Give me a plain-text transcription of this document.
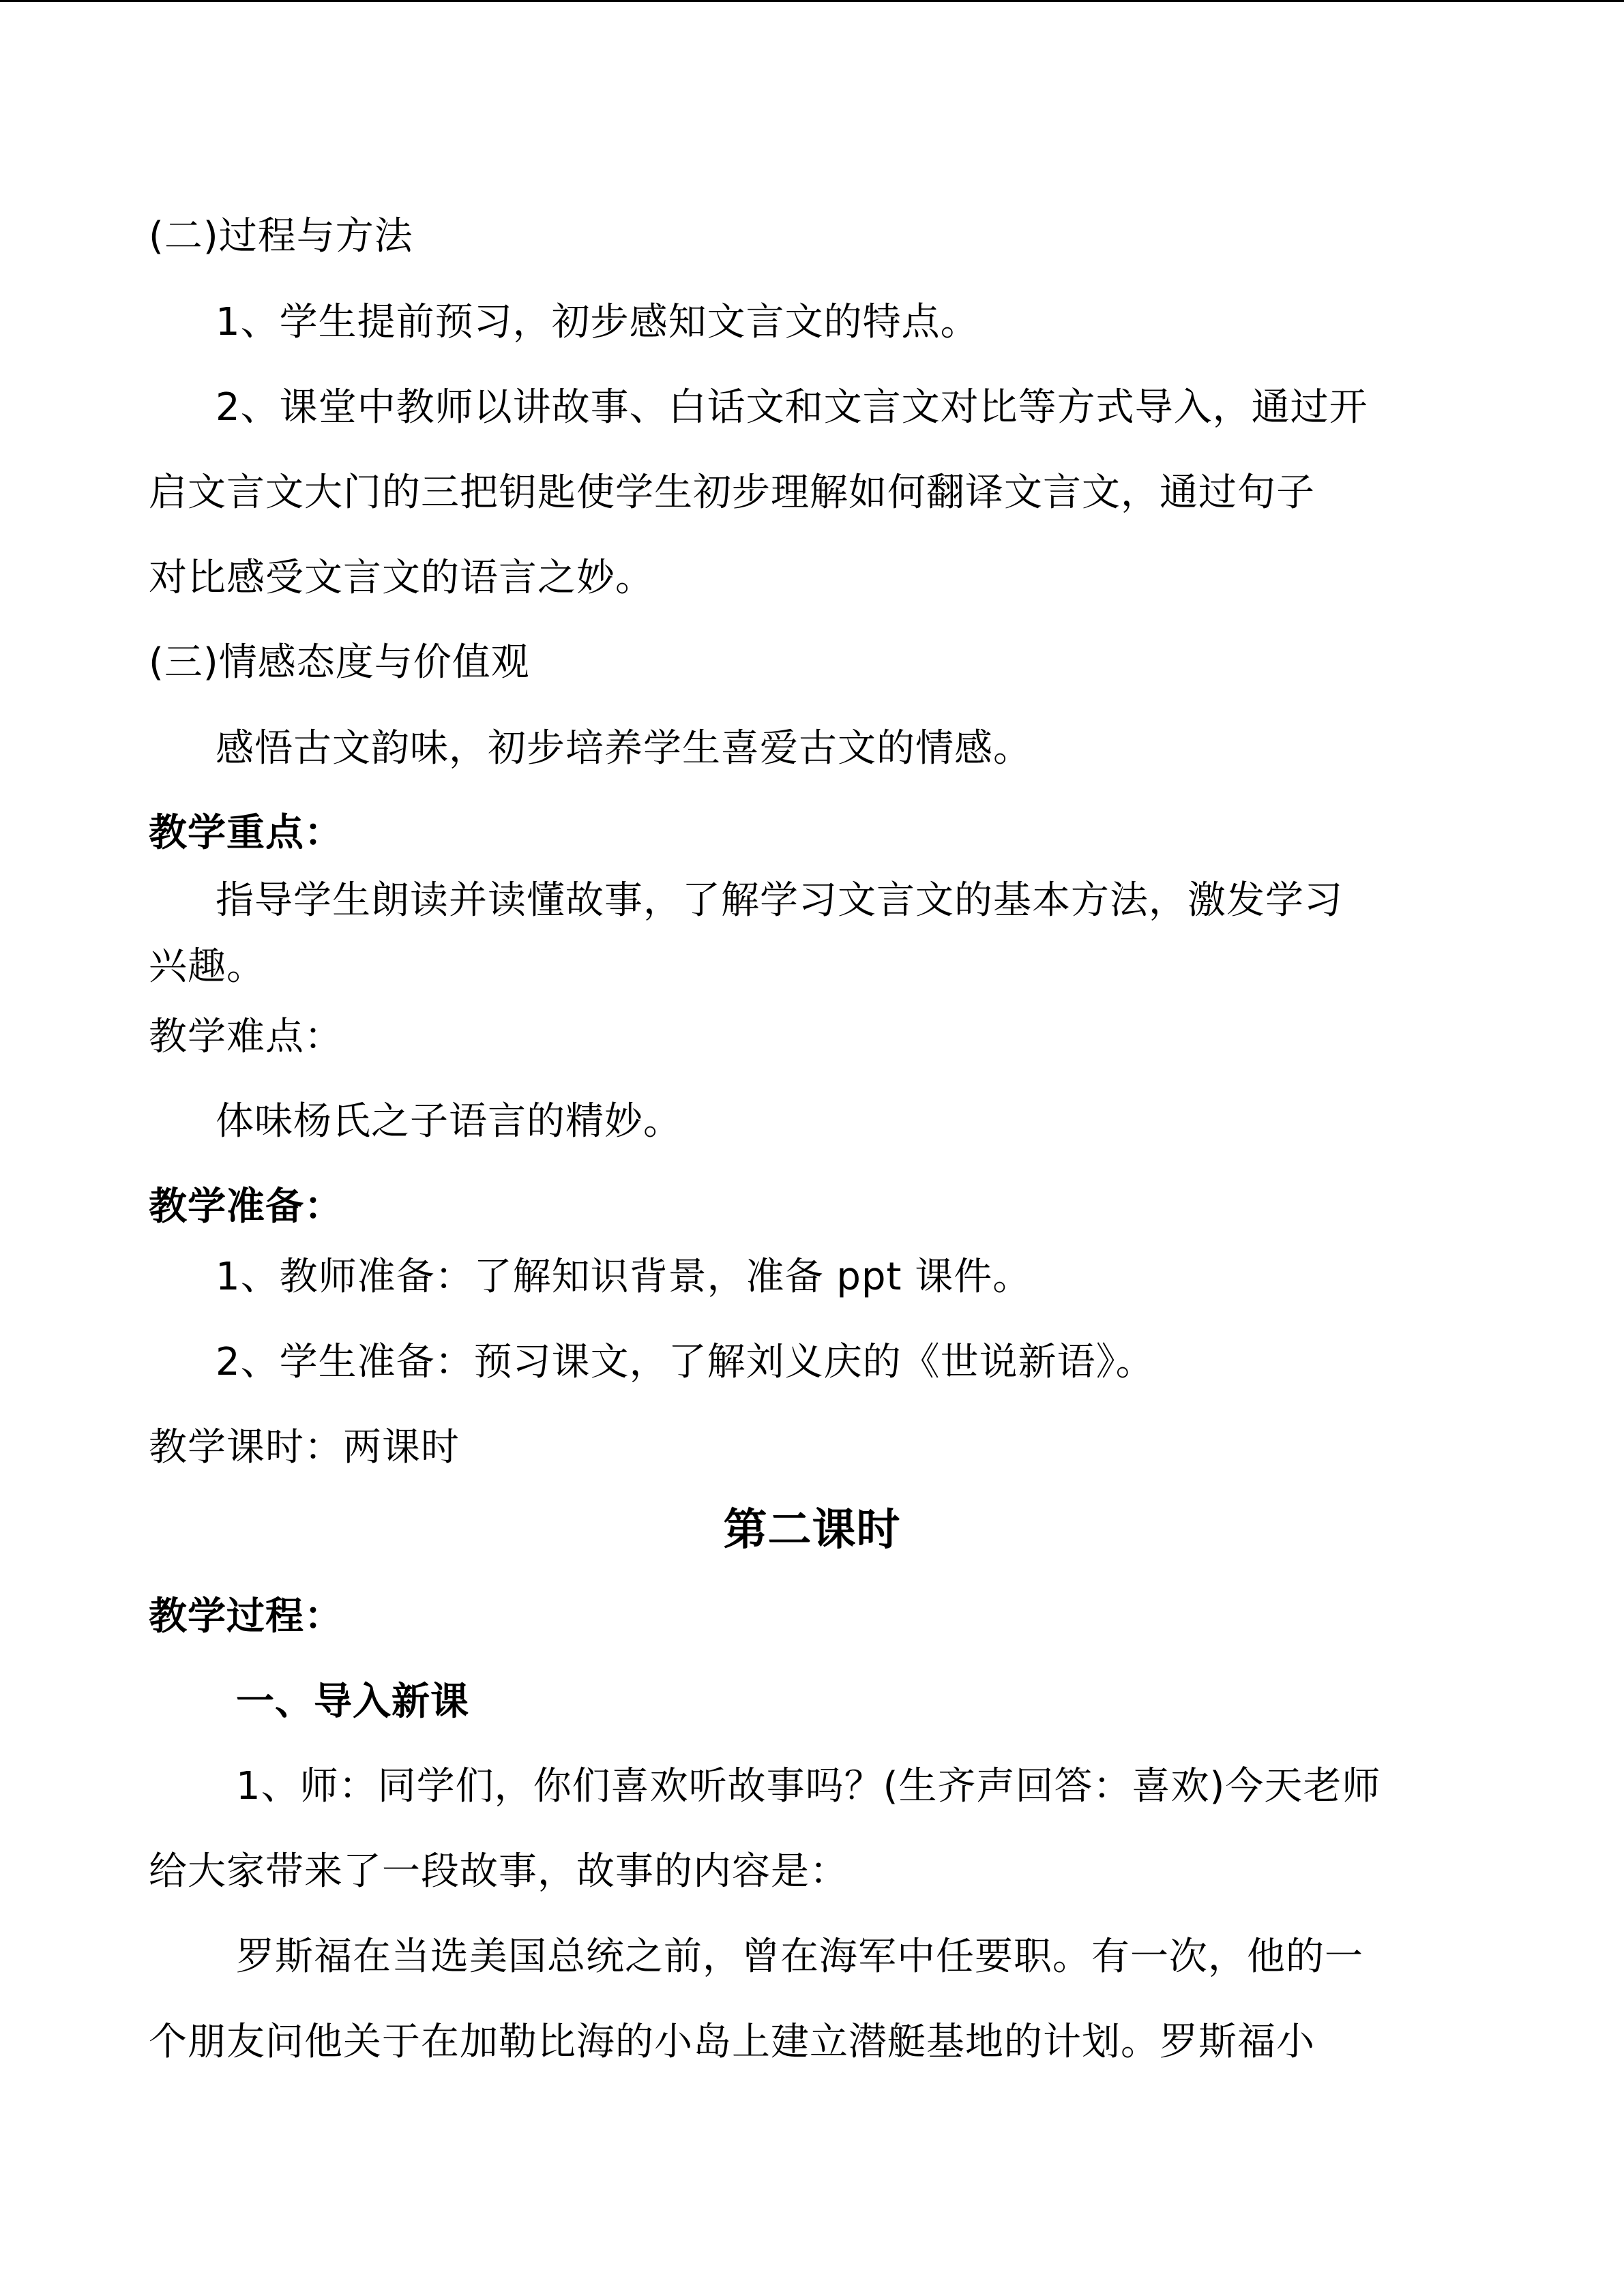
(二)过程与方法
1、学生提前预习，初步感知文言文的特点。
2、课堂中教师以讲故事、白话文和文言文对比等方式导入，通过开
启文言文大门的三把钥匙使学生初步理解如何翻译文言文，通过句子
对比感受文言文的语言之妙。
(三)情感态度与价值观
感悟古文韵味，初步培养学生喜爱古文的情感。
教学重点：
指导学生朗读并读懂故事，了解学习文言文的基本方法，激发学习
兴趣。
教学难点：
体味杨氏之子语言的精妙。
教学准备：
1、教师准备：了解知识背景，准备 ppt 课件。
2、学生准备：预习课文，了解刘义庆的《世说新语》。
教学课时：两课时
第二课时
教学过程：
一、导入新课
1、师：同学们，你们喜欢听故事吗？(生齐声回答：喜欢)今天老师
给大家带来了一段故事，故事的内容是：
罗斯福在当选美国总统之前，曾在海军中任要职。有一次，他的一
个朋友问他关于在加勒比海的小岛上建立潜艇基地的计划。罗斯福小
